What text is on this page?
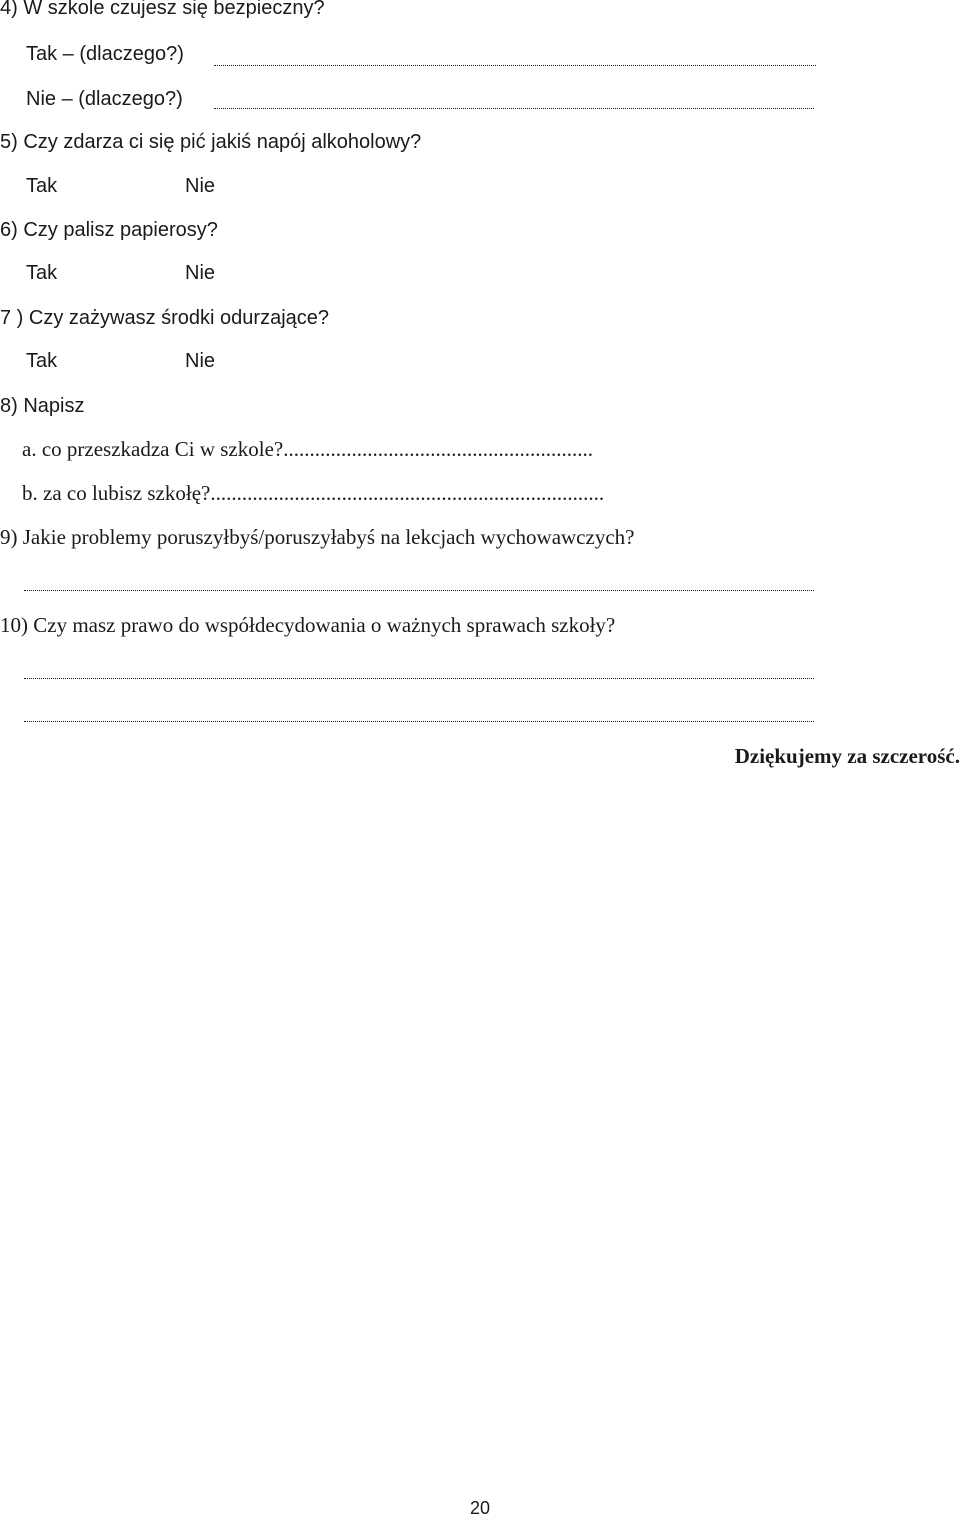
4) W szkole czujesz się bezpieczny?
Tak – (dlaczego?)
Nie – (dlaczego?)
5) Czy zdarza ci się pić jakiś napój alkoholowy?
Tak	Nie
6) Czy palisz papierosy?
Tak	Nie
7 ) Czy zażywasz środki odurzające?
Tak	Nie
8) Napisz
a. co przeszkadza Ci w szkole?...........................................................
b. za co lubisz szkołę?...........................................................................
9) Jakie problemy poruszyłbyś/poruszyłabyś na lekcjach wychowawczych?
10) Czy masz prawo do współdecydowania o ważnych sprawach szkoły?
Dziękujemy za szczerość.
20
